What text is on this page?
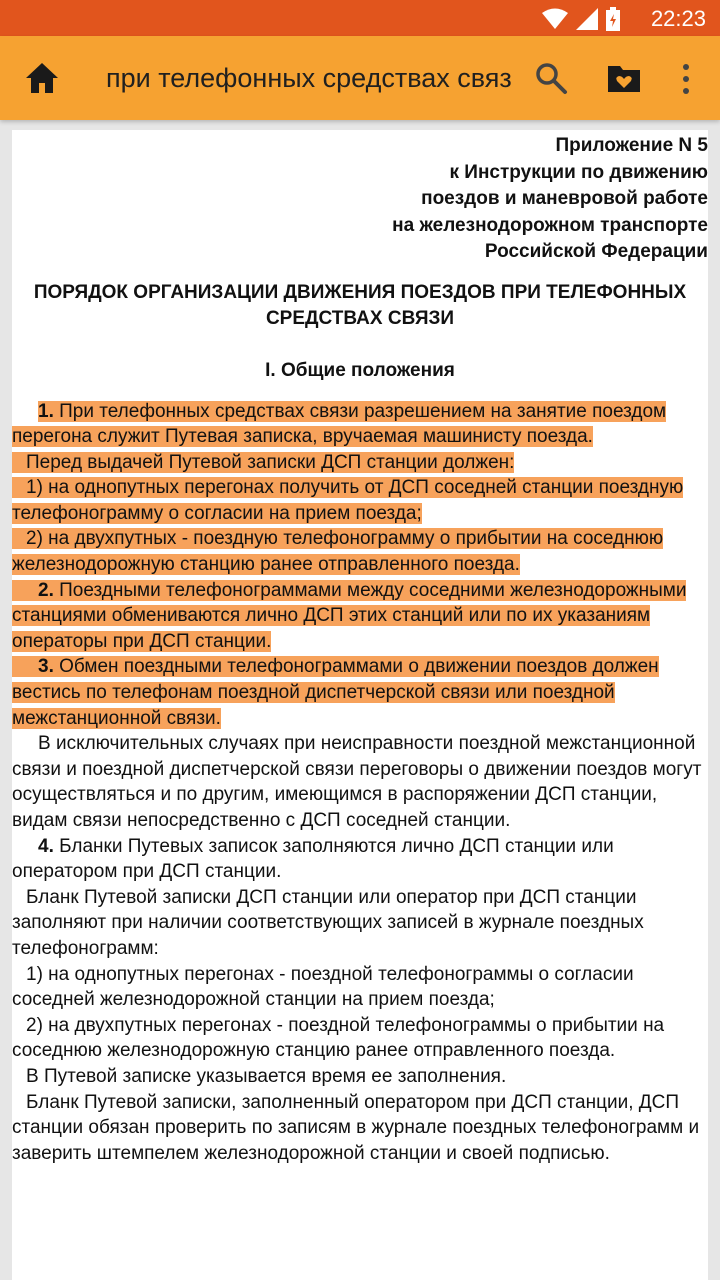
22:23
при телефонных средствах связ
Приложение N 5
к Инструкции по движению
поездов и маневровой работе
на железнодорожном транспорте
Российской Федерации
ПОРЯДОК ОРГАНИЗАЦИИ ДВИЖЕНИЯ ПОЕЗДОВ ПРИ ТЕЛЕФОННЫХ СРЕДСТВАХ СВЯЗИ
I. Общие положения

1. При телефонных средствах связи разрешением на занятие поездом перегона служит Путевая записка, вручаемая машинисту поезда.

Перед выдачей Путевой записки ДСП станции должен:

1) на однопутных перегонах получить от ДСП соседней станции поездную телефонограмму о согласии на прием поезда;

2) на двухпутных - поездную телефонограмму о прибытии на соседнюю железнодорожную станцию ранее отправленного поезда.

2. Поездными телефонограммами между соседними железнодорожными станциями обмениваются лично ДСП этих станций или по их указаниям операторы при ДСП станции.

3. Обмен поездными телефонограммами о движении поездов должен вестись по телефонам поездной диспетчерской связи или поездной межстанционной связи.

В исключительных случаях при неисправности поездной межстанционной связи и поездной диспетчерской связи переговоры о движении поездов могут осуществляться и по другим, имеющимся в распоряжении ДСП станции, видам связи непосредственно с ДСП соседней станции.

4. Бланки Путевых записок заполняются лично ДСП станции или оператором при ДСП станции.

Бланк Путевой записки ДСП станции или оператор при ДСП станции заполняют при наличии соответствующих записей в журнале поездных телефонограмм:

1) на однопутных перегонах - поездной телефонограммы о согласии соседней железнодорожной станции на прием поезда;

2) на двухпутных перегонах - поездной телефонограммы о прибытии на соседнюю железнодорожную станцию ранее отправленного поезда.

В Путевой записке указывается время ее заполнения.

Бланк Путевой записки, заполненный оператором при ДСП станции, ДСП станции обязан проверить по записям в журнале поездных телефонограмм и заверить штемпелем железнодорожной станции и своей подписью.
